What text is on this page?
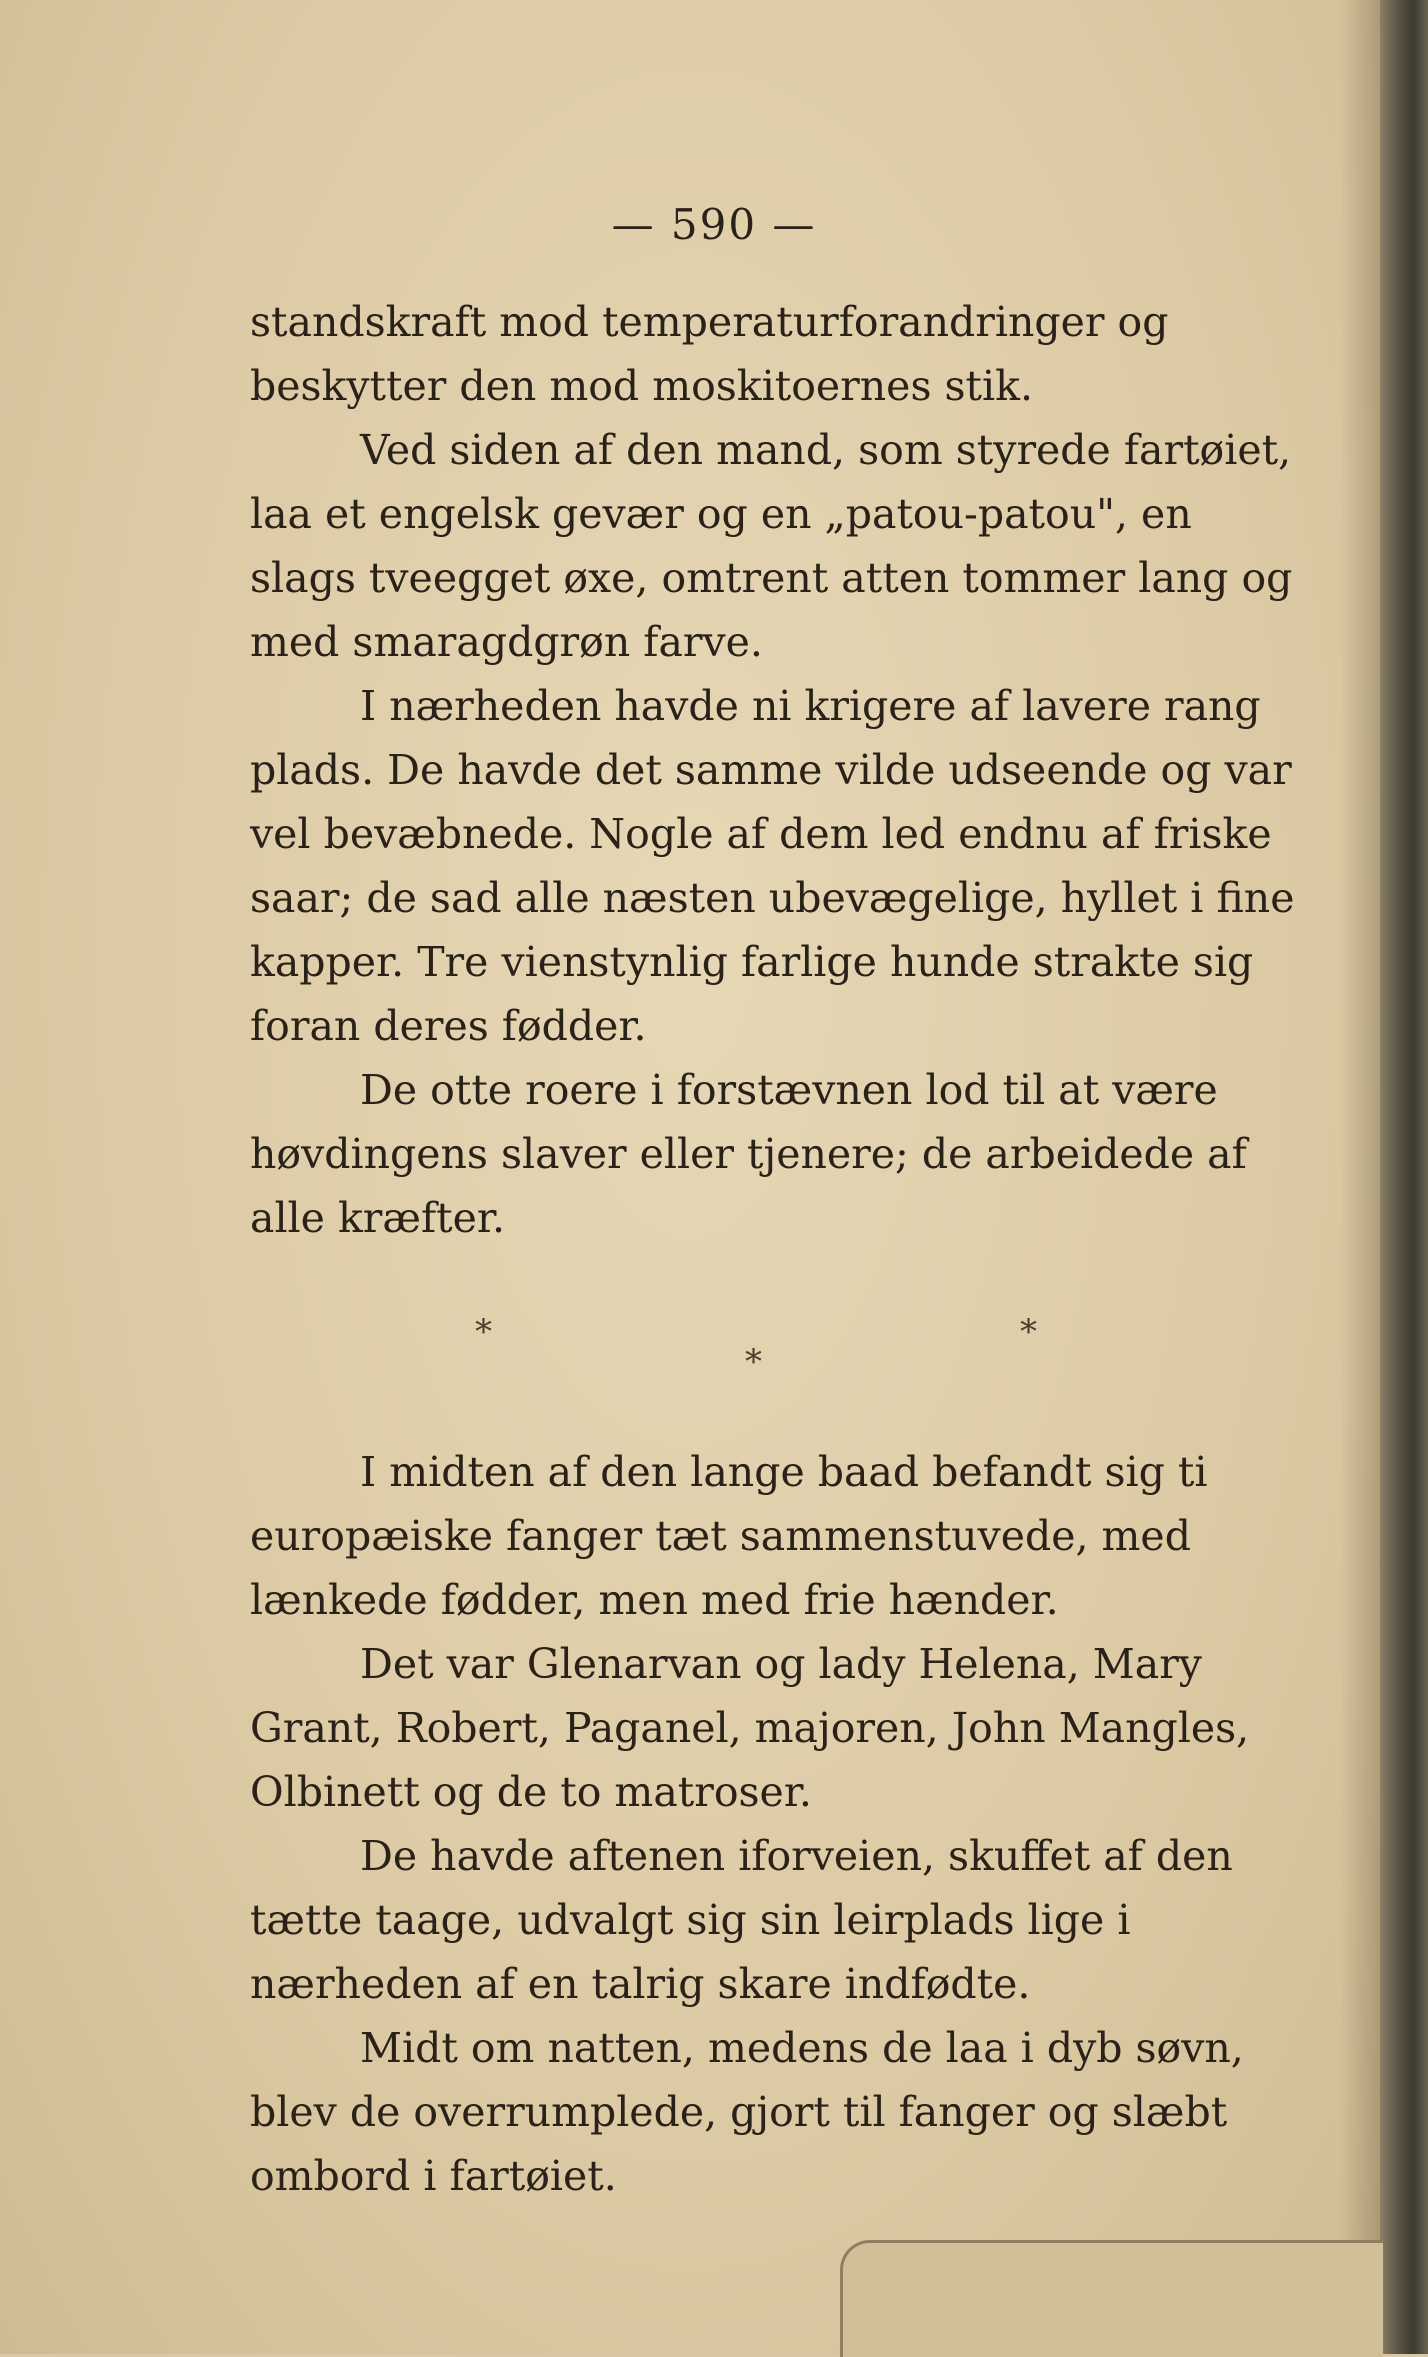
— 590 —

standskraft mod temperaturforandringer og beskytter den mod moskitoernes stik.

Ved siden af den mand, som styrede fartøiet, laa et engelsk gevær og en „patou-patou", en slags tveegget øxe, omtrent atten tommer lang og med smaragdgrøn farve.

I nærheden havde ni krigere af lavere rang plads. De havde det samme vilde udseende og var vel bevæbnede. Nogle af dem led endnu af friske saar; de sad alle næsten ubevægelige, hyllet i fine kapper. Tre vienstynlig farlige hunde strakte sig foran deres fødder.

De otte roere i forstævnen lod til at være høvdingens slaver eller tjenere; de arbeidede af alle kræfter.

*
*
*

I midten af den lange baad befandt sig ti europæiske fanger tæt sammenstuvede, med lænkede fødder, men med frie hænder.

Det var Glenarvan og lady Helena, Mary Grant, Robert, Paganel, majoren, John Mangles, Olbinett og de to matroser.

De havde aftenen iforveien, skuffet af den tætte taage, udvalgt sig sin leirplads lige i nærheden af en talrig skare indfødte.

Midt om natten, medens de laa i dyb søvn, blev de overrumplede, gjort til fanger og slæbt ombord i fartøiet.
